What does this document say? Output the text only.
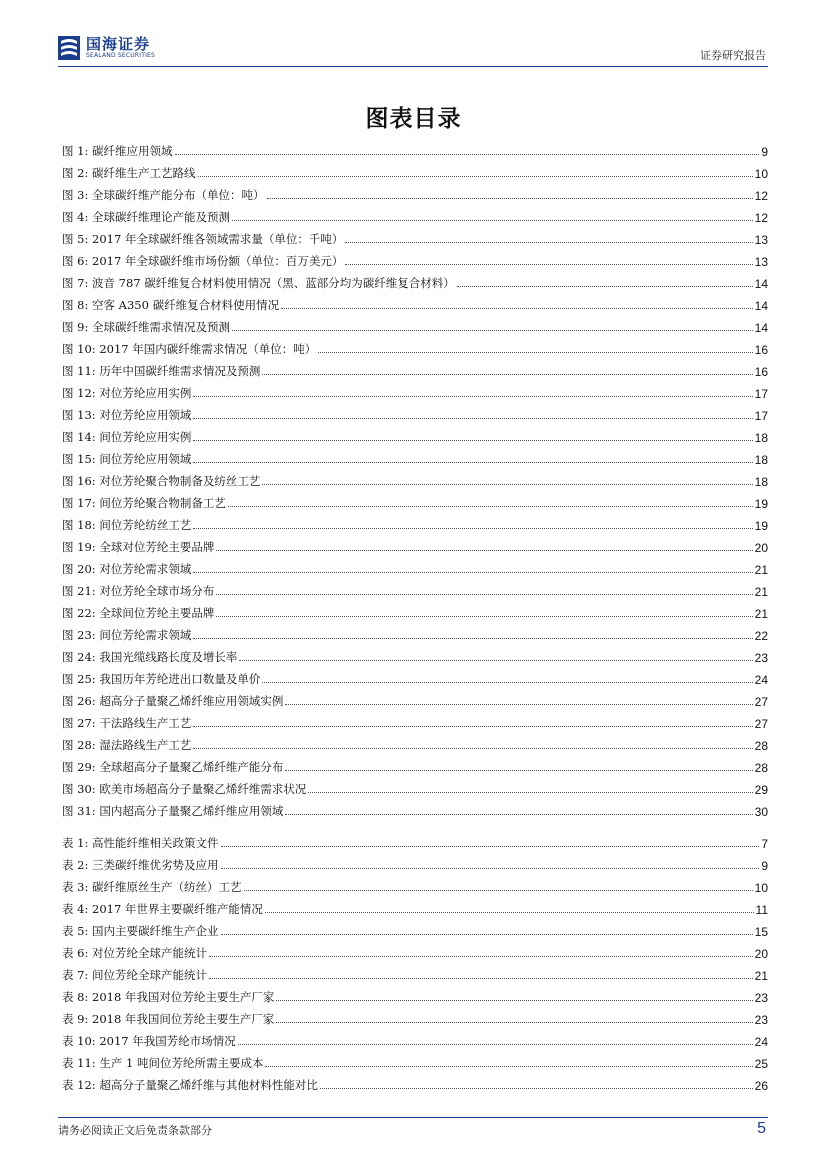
国海证券
SEALAND SECURITIES	证券研究报告
图表目录
图 1: 碳纤维应用领域	9
图 2: 碳纤维生产工艺路线	10
图 3: 全球碳纤维产能分布（单位：吨）	12
图 4: 全球碳纤维理论产能及预测	12
图 5: 2017 年全球碳纤维各领域需求量（单位：千吨）	13
图 6: 2017 年全球碳纤维市场份额（单位：百万美元）	13
图 7: 波音 787 碳纤维复合材料使用情况（黑、蓝部分均为碳纤维复合材料）	14
图 8: 空客 A350 碳纤维复合材料使用情况	14
图 9: 全球碳纤维需求情况及预测	14
图 10: 2017 年国内碳纤维需求情况（单位：吨）	16
图 11: 历年中国碳纤维需求情况及预测	16
图 12: 对位芳纶应用实例	17
图 13: 对位芳纶应用领域	17
图 14: 间位芳纶应用实例	18
图 15: 间位芳纶应用领域	18
图 16: 对位芳纶聚合物制备及纺丝工艺	18
图 17: 间位芳纶聚合物制备工艺	19
图 18: 间位芳纶纺丝工艺	19
图 19: 全球对位芳纶主要品牌	20
图 20: 对位芳纶需求领域	21
图 21: 对位芳纶全球市场分布	21
图 22: 全球间位芳纶主要品牌	21
图 23: 间位芳纶需求领域	22
图 24: 我国光缆线路长度及增长率	23
图 25: 我国历年芳纶进出口数量及单价	24
图 26: 超高分子量聚乙烯纤维应用领域实例	27
图 27: 干法路线生产工艺	27
图 28: 湿法路线生产工艺	28
图 29: 全球超高分子量聚乙烯纤维产能分布	28
图 30: 欧美市场超高分子量聚乙烯纤维需求状况	29
图 31: 国内超高分子量聚乙烯纤维应用领域	30
表 1: 高性能纤维相关政策文件	7
表 2: 三类碳纤维优劣势及应用	9
表 3: 碳纤维原丝生产（纺丝）工艺	10
表 4: 2017 年世界主要碳纤维产能情况	11
表 5: 国内主要碳纤维生产企业	15
表 6: 对位芳纶全球产能统计	20
表 7: 间位芳纶全球产能统计	21
表 8: 2018 年我国对位芳纶主要生产厂家	23
表 9: 2018 年我国间位芳纶主要生产厂家	23
表 10: 2017 年我国芳纶市场情况	24
表 11: 生产 1 吨间位芳纶所需主要成本	25
表 12: 超高分子量聚乙烯纤维与其他材料性能对比	26
请务必阅读正文后免责条款部分	5
